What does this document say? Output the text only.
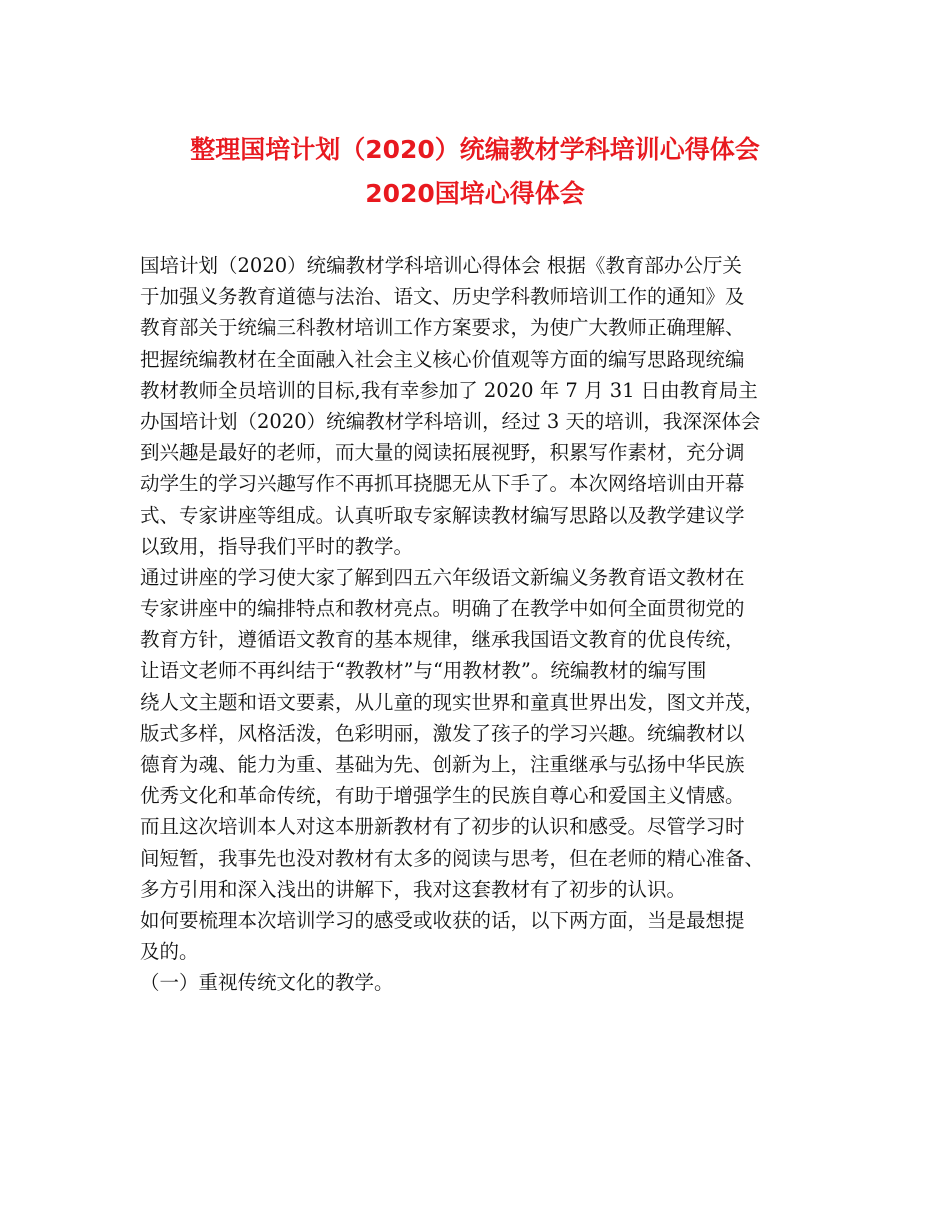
整理国培计划（2020）统编教材学科培训心得体会
2020国培心得体会
国培计划（2020）统编教材学科培训心得体会 根据《教育部办公厅关
于加强义务教育道德与法治、语文、历史学科教师培训工作的通知》及
教育部关于统编三科教材培训工作方案要求，为使广大教师正确理解、
把握统编教材在全面融入社会主义核心价值观等方面的编写思路现统编
教材教师全员培训的目标,我有幸参加了 2020 年 7 月 31 日由教育局主
办国培计划（2020）统编教材学科培训，经过 3 天的培训，我深深体会
到兴趣是最好的老师，而大量的阅读拓展视野，积累写作素材，充分调
动学生的学习兴趣写作不再抓耳挠腮无从下手了。本次网络培训由开幕
式、专家讲座等组成。认真听取专家解读教材编写思路以及教学建议学
以致用，指导我们平时的教学。
通过讲座的学习使大家了解到四五六年级语文新编义务教育语文教材在
专家讲座中的编排特点和教材亮点。明确了在教学中如何全面贯彻党的
教育方针，遵循语文教育的基本规律，继承我国语文教育的优良传统，
让语文老师不再纠结于“教教材”与“用教材教”。统编教材的编写围
绕人文主题和语文要素，从儿童的现实世界和童真世界出发，图文并茂，
版式多样，风格活泼，色彩明丽，激发了孩子的学习兴趣。统编教材以
德育为魂、能力为重、基础为先、创新为上，注重继承与弘扬中华民族
优秀文化和革命传统，有助于增强学生的民族自尊心和爱国主义情感。
而且这次培训本人对这本册新教材有了初步的认识和感受。尽管学习时
间短暂，我事先也没对教材有太多的阅读与思考，但在老师的精心准备、
多方引用和深入浅出的讲解下，我对这套教材有了初步的认识。
如何要梳理本次培训学习的感受或收获的话，以下两方面，当是最想提
及的。
（一）重视传统文化的教学。
